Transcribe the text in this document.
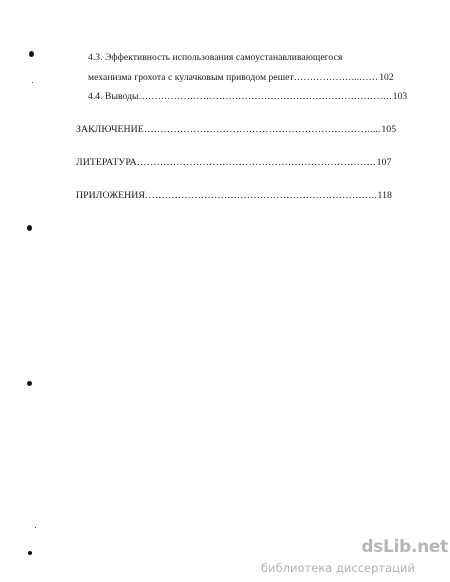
4.3. Эффективность использования самоустанавливающегося
механизма грохота с кулачковым приводом решет………………...……102
4.4. Выводы…………………………………………………………………….103
ЗАКЛЮЧЕНИЕ……………………………………………………………....105
ЛИТЕРАТУРА……………………………………………………………….107
ПРИЛОЖЕНИЯ……………………………………………………………..118
dsLib.net
библиотека диссертаций
